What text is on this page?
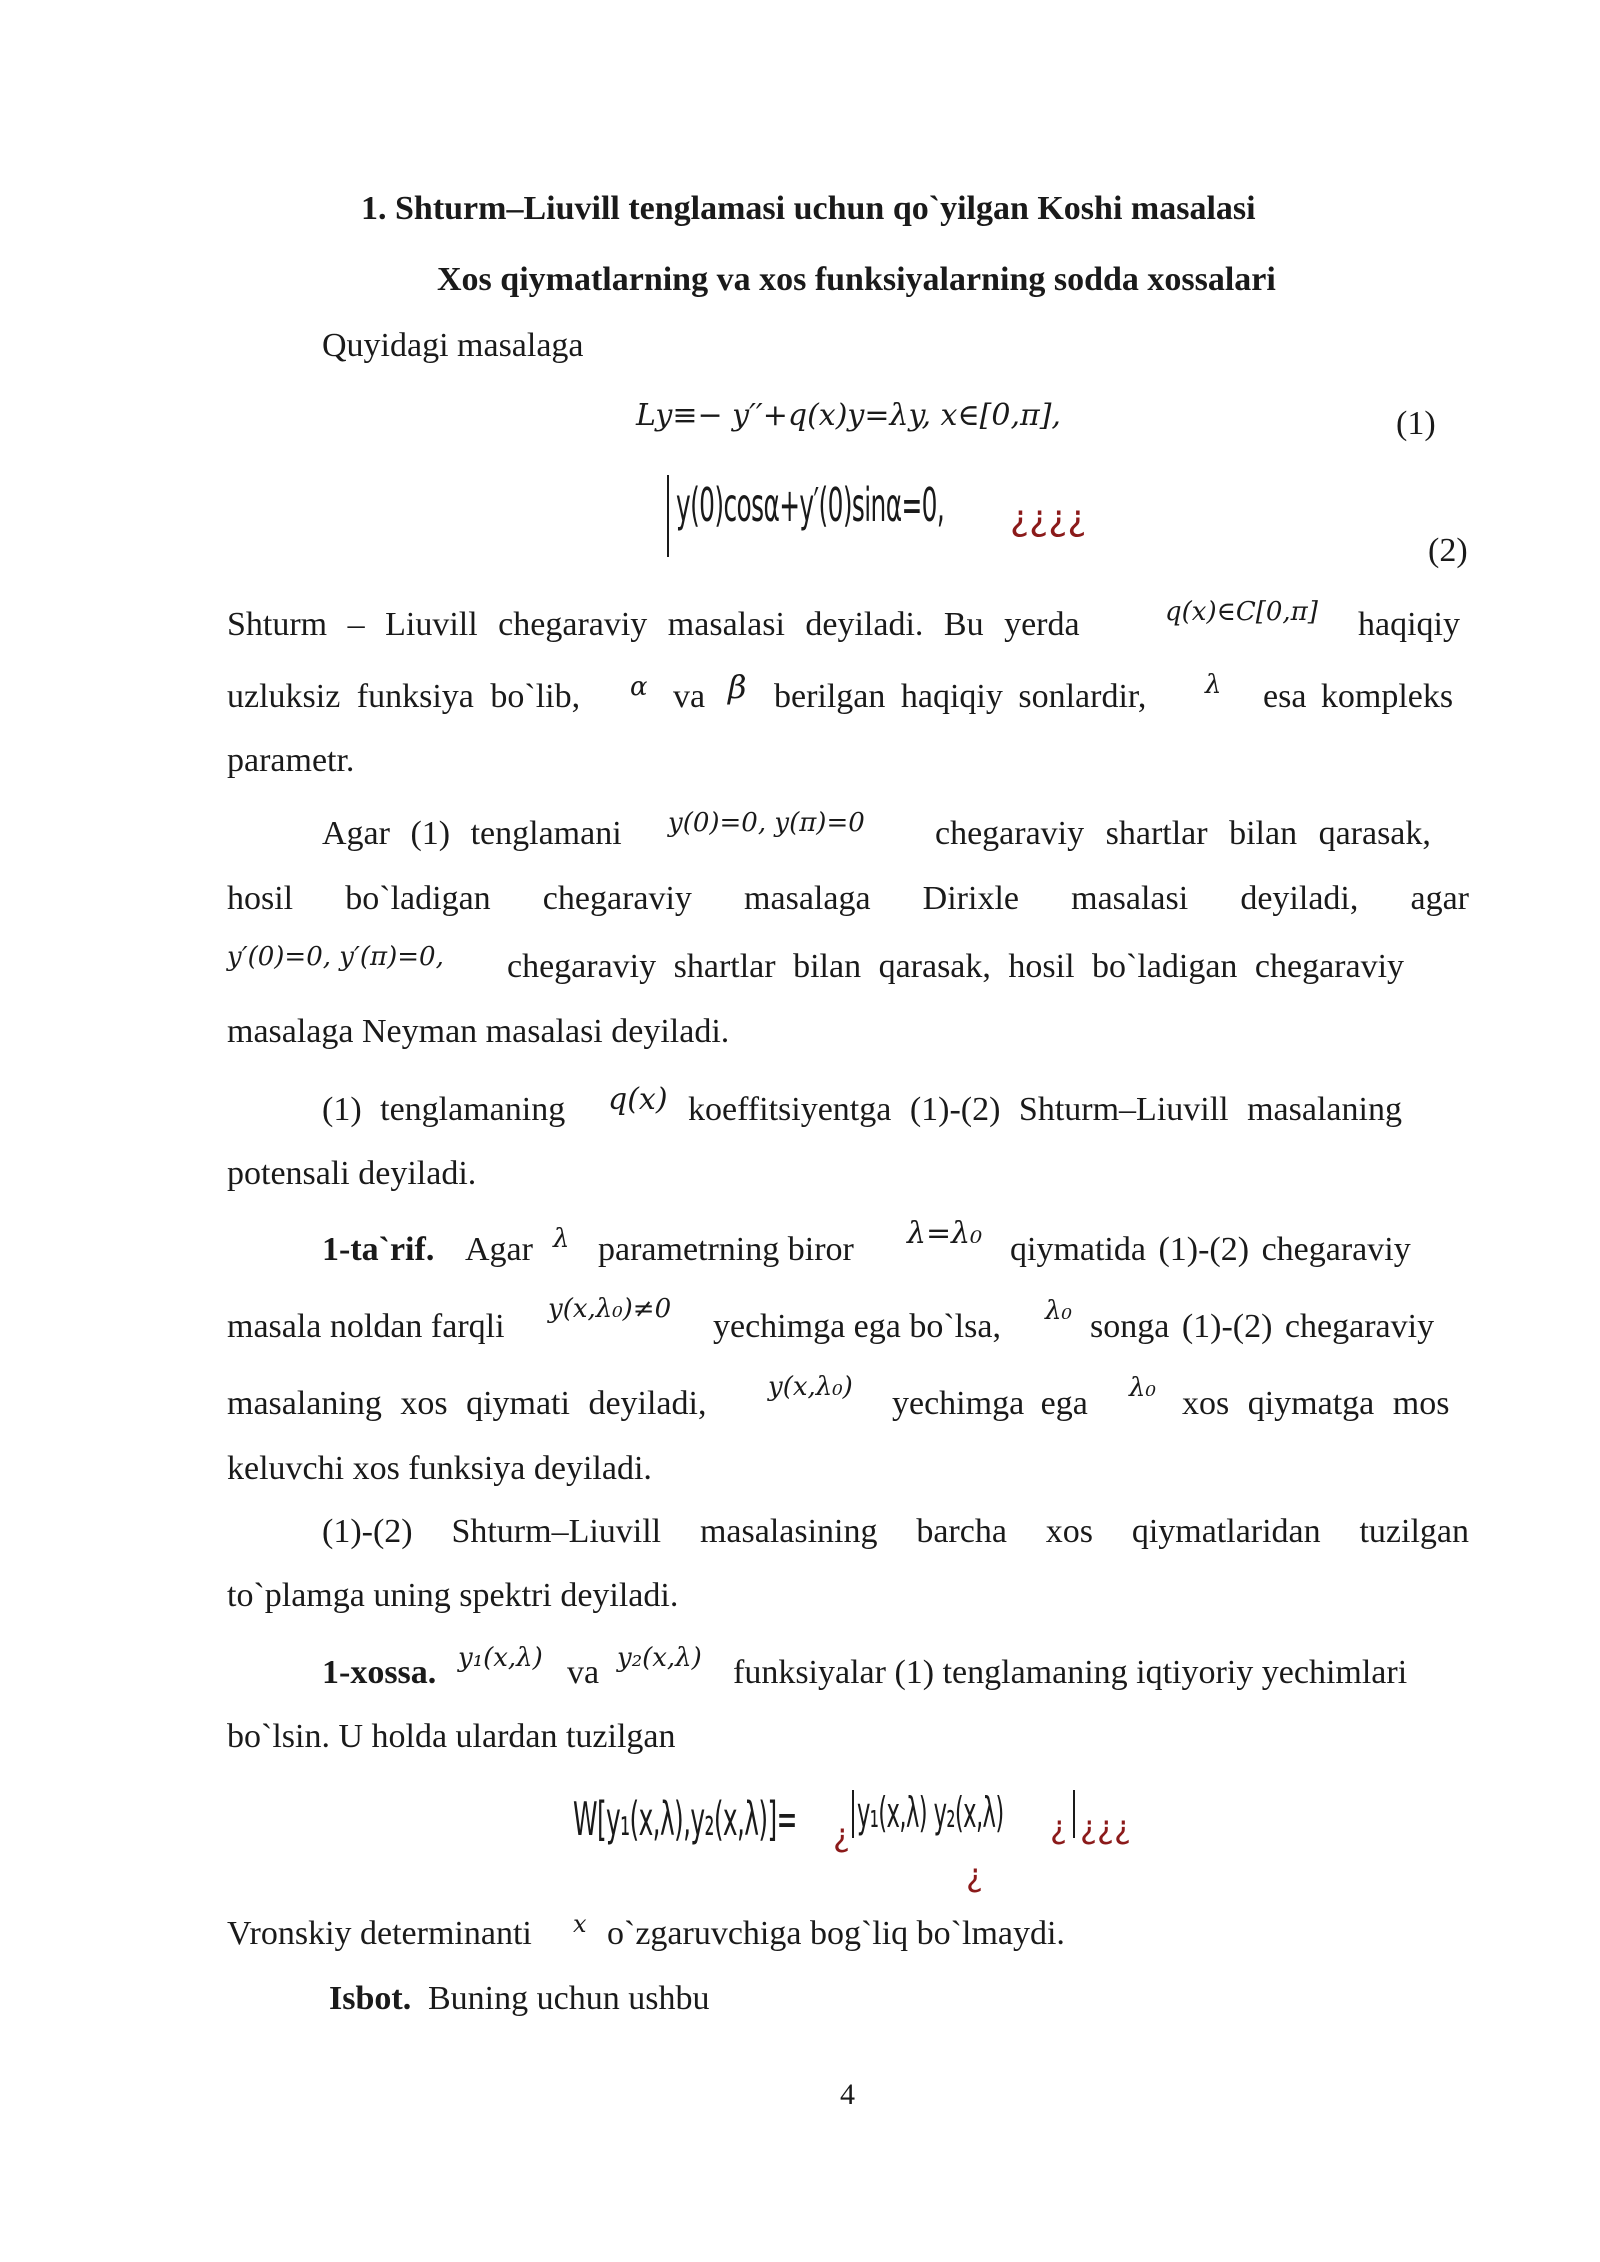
1. Shturm–Liuvill tenglamasi uchun qo`yilgan Koshi masalasi
Xos qiymatlarning va xos funksiyalarning sodda xossalari
Quyidagi masalaga
Ly≡− y′′+q(x)y=λy, x∈[0,π],	(1)
y(0)cosα+y′(0)sinα=0,	¿¿¿¿
(2)
Shturm – Liuvill chegaraviy masalasi deyiladi. Bu yerda	q(x)∈C[0,π] haqiqiy
uzluksiz funksiya bo`lib, α va β berilgan haqiqiy sonlardir, λ esa kompleks
parametr.
Agar (1) tenglamani y(0)=0, y(π)=0 chegaraviy shartlar bilan qarasak,
hosil bo`ladigan chegaraviy masalaga Dirixle masalasi deyiladi, agar
y′(0)=0, y′(π)=0, chegaraviy shartlar bilan qarasak, hosil bo`ladigan chegaraviy
masalaga Neyman masalasi deyiladi.
(1) tenglamaning q(x) koeffitsiyentga (1)-(2) Shturm–Liuvill masalaning
potensali deyiladi.
1-ta`rif. Agar λ parametrning biror λ=λ₀ qiymatida (1)-(2) chegaraviy
masala noldan farqli y(x,λ₀)≠0 yechimga ega bo`lsa, λ₀ songa (1)-(2) chegaraviy
masalaning xos qiymati deyiladi, y(x,λ₀) yechimga ega λ₀ xos qiymatga mos
keluvchi xos funksiya deyiladi.
(1)-(2) Shturm–Liuvill masalasining barcha xos qiymatlaridan tuzilgan
to`plamga uning spektri deyiladi.
1-xossa. y₁(x,λ) va y₂(x,λ) funksiyalar (1) tenglamaning iqtiyoriy yechimlari
bo`lsin. U holda ulardan tuzilgan
W[y₁(x,λ),y₂(x,λ)]=	¿ y₁(x,λ) y₂(x,λ)	¿ ¿¿¿
¿
Vronskiy determinanti x o`zgaruvchiga bog`liq bo`lmaydi.
Isbot. Buning uchun ushbu
4
